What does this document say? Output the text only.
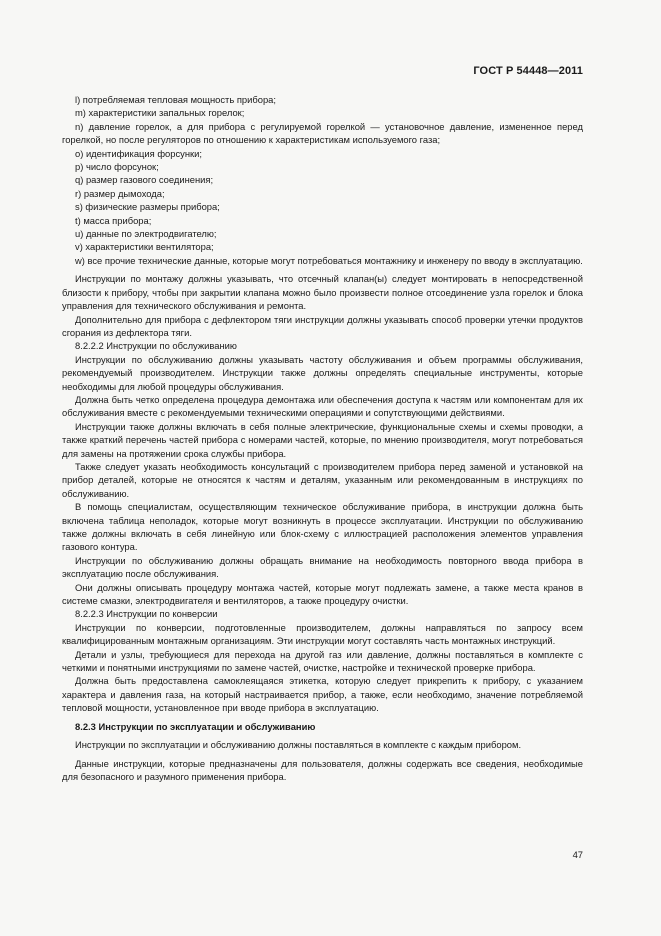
ГОСТ Р 54448—2011

l) потребляемая тепловая мощность прибора;

m) характеристики запальных горелок;

n) давление горелок, а для прибора с регулируемой горелкой — установочное давление, измененное перед горелкой, но после регуляторов по отношению к характеристикам используемого газа;

o) идентификация форсунки;

p) число форсунок;

q) размер газового соединения;

r) размер дымохода;

s) физические размеры прибора;

t) масса прибора;

u) данные по электродвигателю;

v) характеристики вентилятора;

w) все прочие технические данные, которые могут потребоваться монтажнику и инженеру по вводу в эксплуатацию.

Инструкции по монтажу должны указывать, что отсечный клапан(ы) следует монтировать в непосредственной близости к прибору, чтобы при закрытии клапана можно было произвести полное отсоединение узла горелок и блока управления для технического обслуживания и ремонта.

Дополнительно для прибора с дефлектором тяги инструкции должны указывать способ проверки утечки продуктов сгорания из дефлектора тяги.

8.2.2.2 Инструкции по обслуживанию

Инструкции по обслуживанию должны указывать частоту обслуживания и объем программы обслуживания, рекомендуемый производителем. Инструкции также должны определять специальные инструменты, которые необходимы для любой процедуры обслуживания.

Должна быть четко определена процедура демонтажа или обеспечения доступа к частям или компонентам для их обслуживания вместе с рекомендуемыми техническими операциями и сопутствующими действиями.

Инструкции также должны включать в себя полные электрические, функциональные схемы и схемы проводки, а также краткий перечень частей прибора с номерами частей, которые, по мнению производителя, могут потребоваться для замены на протяжении срока службы прибора.

Также следует указать необходимость консультаций с производителем прибора перед заменой и установкой на прибор деталей, которые не относятся к частям и деталям, указанным или рекомендованным в инструкциях по обслуживанию.

В помощь специалистам, осуществляющим техническое обслуживание прибора, в инструкции должна быть включена таблица неполадок, которые могут возникнуть в процессе эксплуатации. Инструкции по обслуживанию также должны включать в себя линейную или блок-схему с иллюстрацией расположения элементов управления газового контура.

Инструкции по обслуживанию должны обращать внимание на необходимость повторного ввода прибора в эксплуатацию после обслуживания.

Они должны описывать процедуру монтажа частей, которые могут подлежать замене, а также места кранов в системе смазки, электродвигателя и вентиляторов, а также процедуру очистки.

8.2.2.3 Инструкции по конверсии

Инструкции по конверсии, подготовленные производителем, должны направляться по запросу всем квалифицированным монтажным организациям. Эти инструкции могут составлять часть монтажных инструкций.

Детали и узлы, требующиеся для перехода на другой газ или давление, должны поставляться в комплекте с четкими и понятными инструкциями по замене частей, очистке, настройке и технической проверке прибора.

Должна быть предоставлена самоклеящаяся этикетка, которую следует прикрепить к прибору, с указанием характера и давления газа, на который настраивается прибор, а также, если необходимо, значение потребляемой тепловой мощности, установленное при вводе прибора в эксплуатацию.

8.2.3 Инструкции по эксплуатации и обслуживанию

Инструкции по эксплуатации и обслуживанию должны поставляться в комплекте с каждым прибором.

Данные инструкции, которые предназначены для пользователя, должны содержать все сведения, необходимые для безопасного и разумного применения прибора.

47
